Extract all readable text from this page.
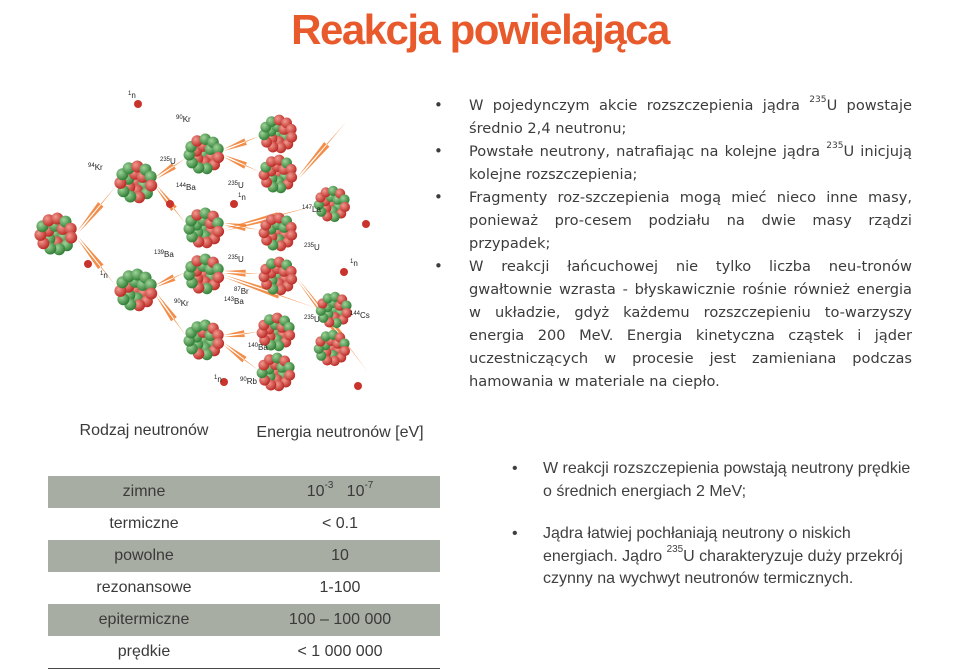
Reakcja powielająca
$^{94}$Kr
$^{235}$U
$^{139}$Ba
$^{90}$Kr
$^{144}$Ba	$^{235}$U
$^{90}$Kr	$^{143}$Ba
$^{235}$U
$^{147}$La
$^{140}$Ba
$^{235}$U
$^{87}$Br
$^{235}$U
$^{144}$Cs
$^{90}$Rb
$^1$n
$^1$n
$^1$n
$^1$n
$^1$n
• W pojedynczym akcie rozszczepienia jądra $^{235}$U powstaje średnio 2,4 neutronu;
• Powstałe neutrony, natrafiając na kolejne jądra $^{235}$U inicjują kolejne rozszczepienia;
• Fragmenty roz-szczepienia mogą mieć nieco inne masy, ponieważ pro-cesem podziału na dwie masy rządzi przypadek;
• W reakcji łańcuchowej nie tylko liczba neu-tronów gwałtownie wzrasta - błyskawicznie rośnie również energia w układzie, gdyż każdemu rozszczepieniu to-warzyszy energia 200 MeV. Energia kinetyczna cząstek i jąder uczestniczących w procesie jest zamieniana podczas hamowania w materiale na ciepło.
Rodzaj neutronów	Energia neutronów [eV]
zimne	$10^{-3}$ $10^{-7}$
termiczne	< 0.1
powolne	10
rezonansowe	1-100
epitermiczne	100 – 100 000
prędkie	< 1 000 000
• W reakcji rozszczepienia powstają neutrony prędkie o średnich energiach 2 MeV;
• Jądra łatwiej pochłaniają neutrony o niskich energiach. Jądro $^{235}$U charakteryzuje duży przekrój czynny na wychwyt neutronów termicznych.
